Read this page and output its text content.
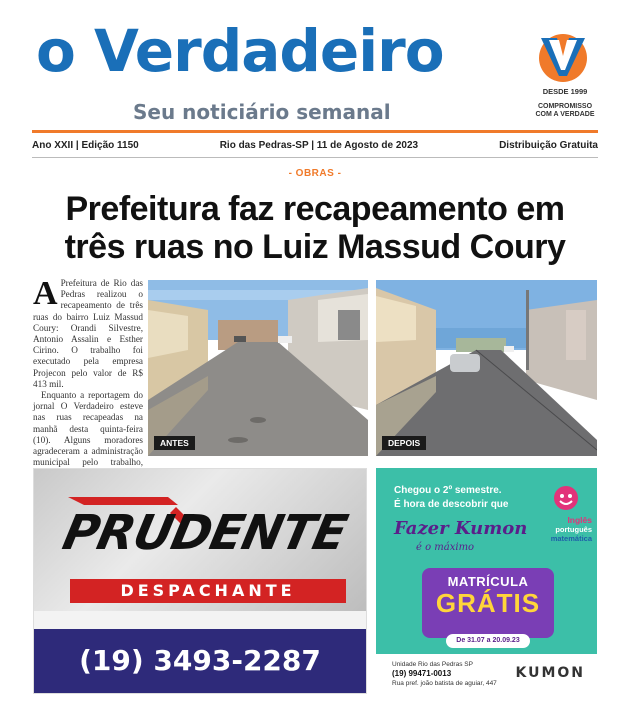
o Verdadeiro
Seu noticiário semanal
DESDE 1999
COMPROMISSO
COM A VERDADE
Ano XXII | Edição 1150	Rio das Pedras-SP | 11 de Agosto de 2023	Distribuição Gratuita
- OBRAS -
Prefeitura faz recapeamento em
três ruas no Luiz Massud Coury
A Prefeitura de Rio das Pedras realizou o recapeamento de três ruas do bairro Luiz Massud Coury: Orandi Silvestre, Antonio Assalin e Esther Cirino. O trabalho foi executado pela empresa Projecon pelo valor de R$ 413 mil.

Enquanto a reportagem do jornal O Verdadeiro esteve nas ruas recapeadas na manhã desta quinta-feira (10). Alguns moradores agradeceram a administração municipal pelo trabalho,

ANTES	DEPOIS
PRUDENTE
DESPACHANTE
(19) 3493-2287
Chegou o 2º semestre.
É hora de descobrir que
Fazer Kumon
é o máximo
Inglês
português
matemática
MATRÍCULA
GRÁTIS
De 31.07 a 20.09.23
Unidade Rio das Pedras SP
(19) 99471-0013
Rua pref. joão batista de aguiar, 447
KUMON
